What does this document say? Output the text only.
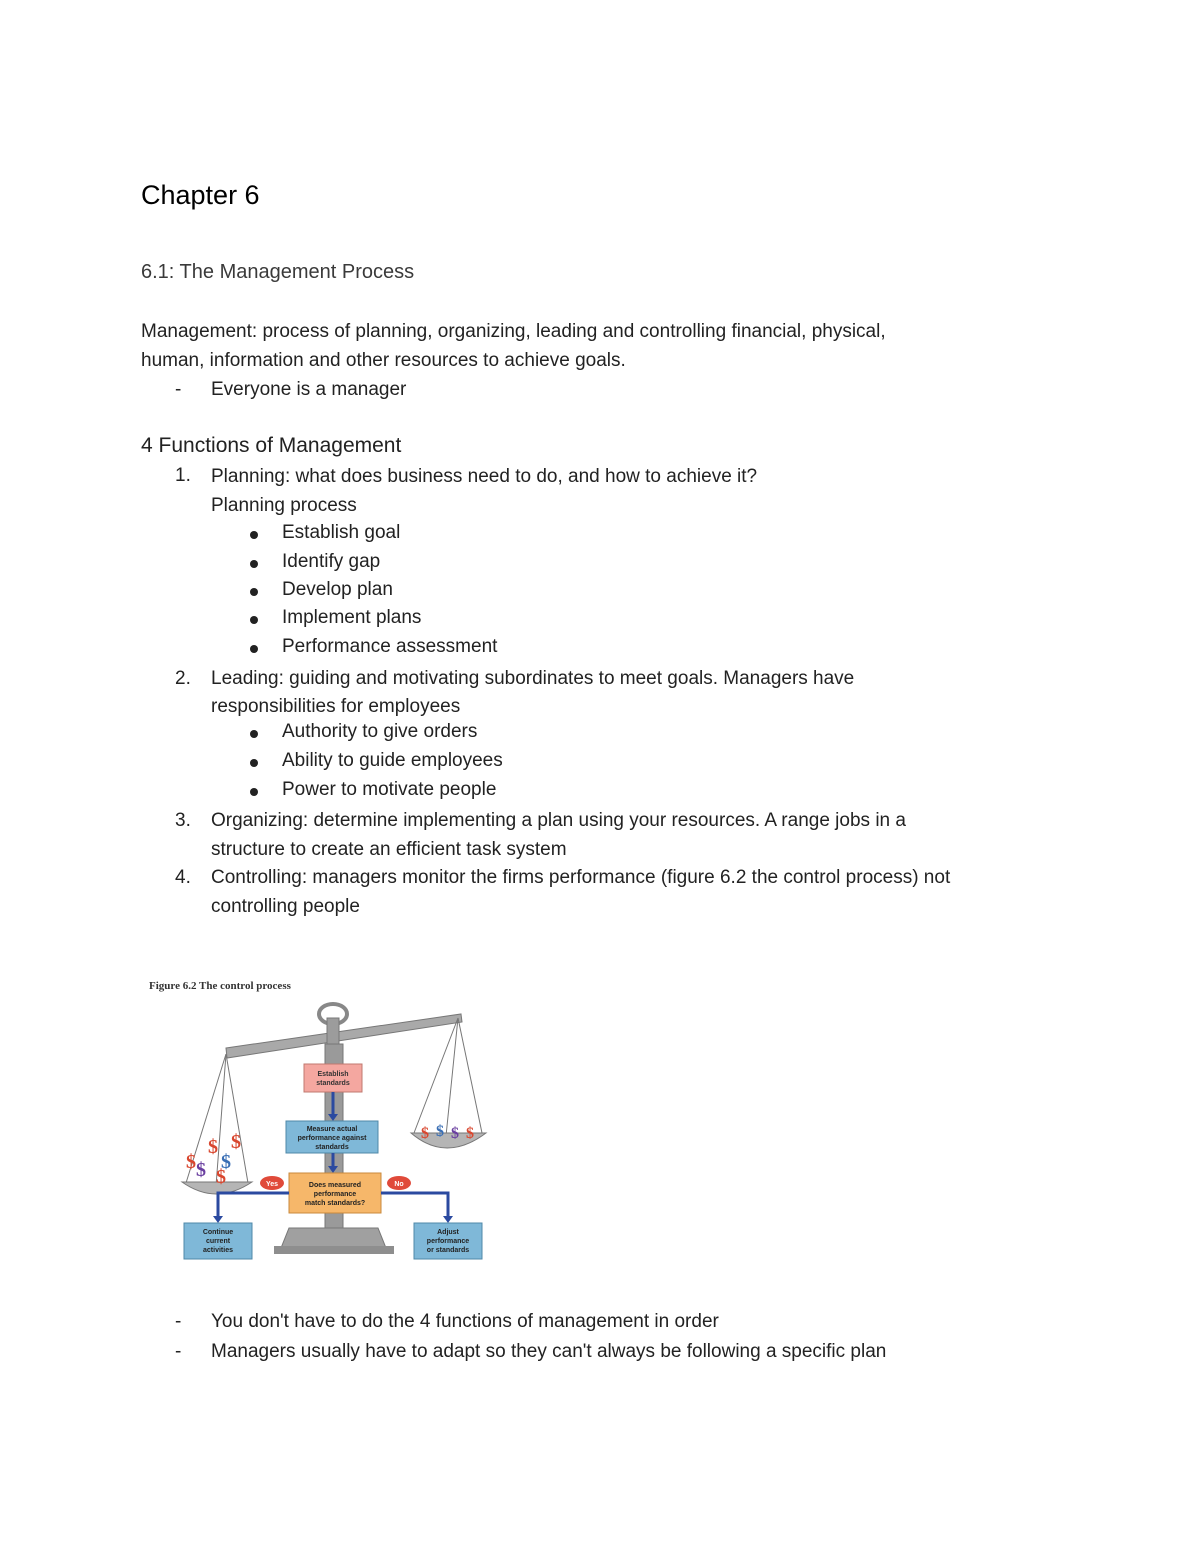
Chapter 6
6.1: The Management Process
Management: process of planning, organizing, leading and controlling financial, physical,
human, information and other resources to achieve goals.
- Everyone is a manager
4 Functions of Management
1. Planning: what does business need to do, and how to achieve it?
Planning process
Establish goal
Identify gap
Develop plan
Implement plans
Performance assessment
2. Leading: guiding and motivating subordinates to meet goals. Managers have
responsibilities for employees
Authority to give orders
Ability to guide employees
Power to motivate people
3. Organizing: determine implementing a plan using your resources. A range jobs in a
structure to create an efficient task system
4. Controlling: managers monitor the firms performance (figure 6.2 the control process) not
controlling people
Figure 6.2 The control process
$
$
$
$
$
$
$ $ $ $
Establish
standards
Measure actual
performance against
standards
Does measured
performance
match standards?
Yes	No
Continue
current
activities
Adjust
performance
or standards
- You don't have to do the 4 functions of management in order
- Managers usually have to adapt so they can't always be following a specific plan
